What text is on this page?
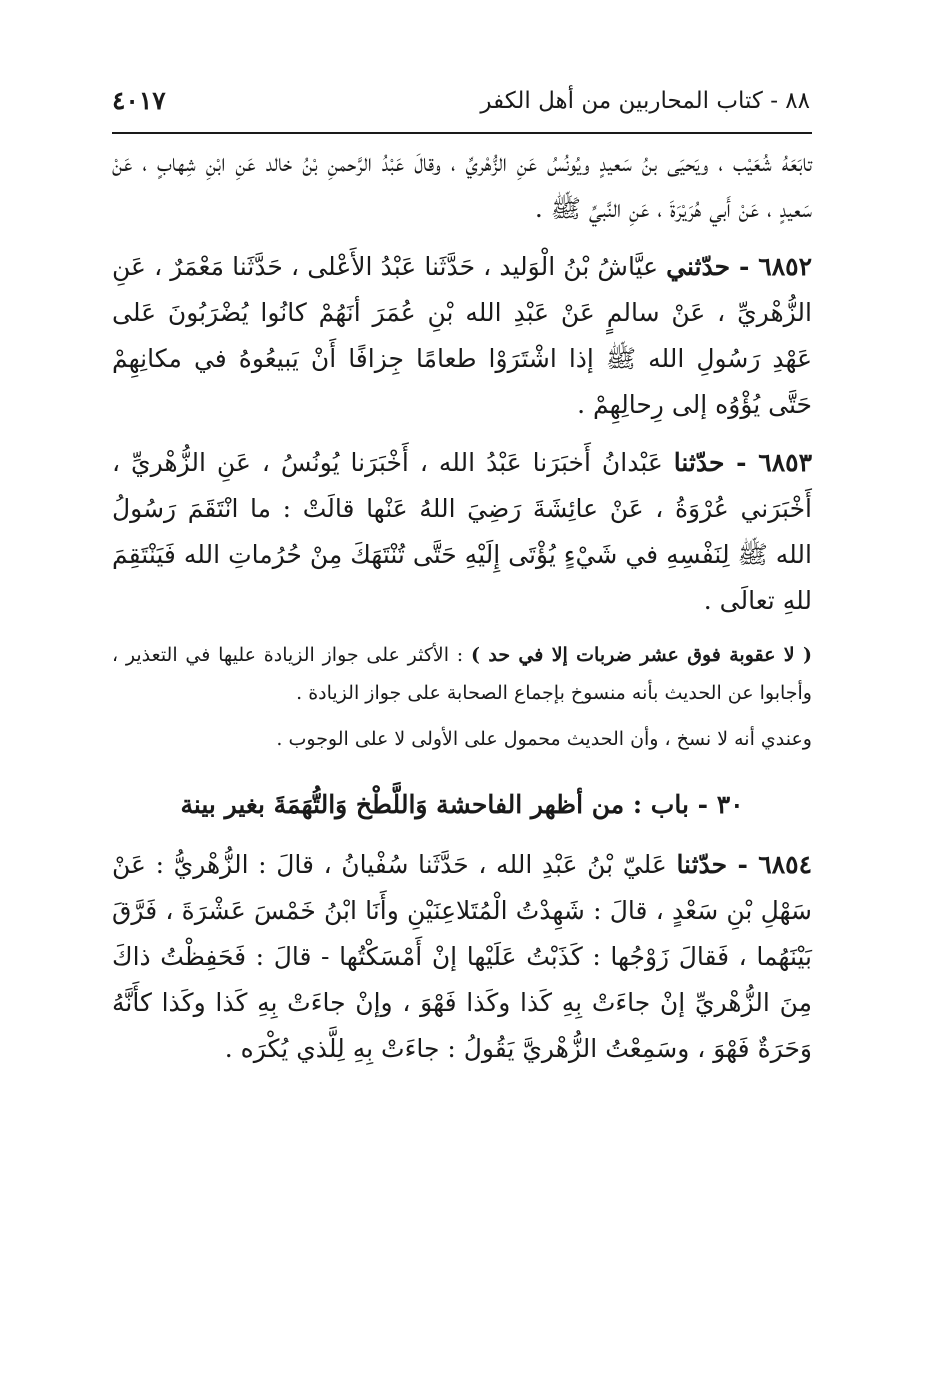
٨٨ - كتاب المحاربين من أهل الكفر
٤٠١٧

تابَعَهُ شُعَيْب ، ويَحيَى بنُ سَعيدٍ ويُونُسُ عَنِ الزُّهْريِّ ، وقالَ عَبْدُ الرَّحمنِ بْنُ خالد عَنِ ابْنِ شِهابٍ ، عَنْ سَعيدٍ ، عَنْ أَبي هُرَيْرَةَ ، عَنِ النَّبيِّ ﷺ .

٦٨٥٢ - حدّثني عيَّاشُ بْنُ الْوَليد ، حَدَّثَنا عَبْدُ الأَعْلى ، حَدَّثَنا مَعْمَرٌ ، عَنِ الزُّهْريِّ ، عَنْ سالمٍ عَنْ عَبْدِ الله بْنِ عُمَرَ أنَهُمْ كانُوا يُضْرَبُونَ عَلى عَهْدِ رَسُولِ الله ﷺ إذا اشْتَرَوْا طعامًا جِزافًا أَنْ يَبيعُوهُ في مكانِهِمْ حَتَّى يُؤْوُه إلى رِحالِهِمْ .

٦٨٥٣ - حدّثنا عَبْدانُ أَخبَرَنا عَبْدُ الله ، أَخْبَرَنا يُونُسُ ، عَنِ الزُّهْريِّ ، أَخْبَرَني عُرْوَةُ ، عَنْ عائِشَةَ رَضِيَ اللهُ عَنْها قالَتْ : ما انْتَقَمَ رَسُولُ الله ﷺ لِنَفْسِهِ في شَيْءٍ يُؤْتَى إِلَيْهِ حَتَّى تُنْتَهَكَ مِنْ حُرُماتِ الله فَيَنْتَقِمَ للهِ تعالَى .

( لا عقوبة فوق عشر ضربات إلا في حد ) : الأكثر على جواز الزيادة عليها في التعذير ، وأجابوا عن الحديث بأنه منسوخ بإجماع الصحابة على جواز الزيادة .

وعندي أنه لا نسخ ، وأن الحديث محمول على الأولى لا على الوجوب .

٣٠ - باب : من أظهر الفاحشة وَاللَّطْخ وَالتُّهَمَةَ بغير بينة

٦٨٥٤ - حدّثنا عَليّ بْنُ عَبْدِ الله ، حَدَّثَنا سُفْيانُ ، قالَ : الزُّهْريُّ : عَنْ سَهْلِ بْنِ سَعْدٍ ، قالَ : شَهِدْتُ الْمُتَلاعِنَيْنِ وأَنَا ابْنُ خَمْسَ عَشْرَةَ ، فَرَّقَ بَيْنَهُما ، فَقالَ زَوْجُها : كَذَبْتُ عَلَيْها إنْ أَمْسَكْتُها - قالَ : فَحَفِظْتُ ذاكَ مِنَ الزُّهْريِّ إنْ جاءَتْ بِهِ كَذا وكَذا فَهْوَ ، وإنْ جاءَتْ بِهِ كَذا وكَذا كأَنَّهُ وَحَرَةٌ فَهْوَ ، وسَمِعْتُ الزُّهْريَّ يَقُولُ : جاءَتْ بِهِ لِلَّذي يُكْرَه .
